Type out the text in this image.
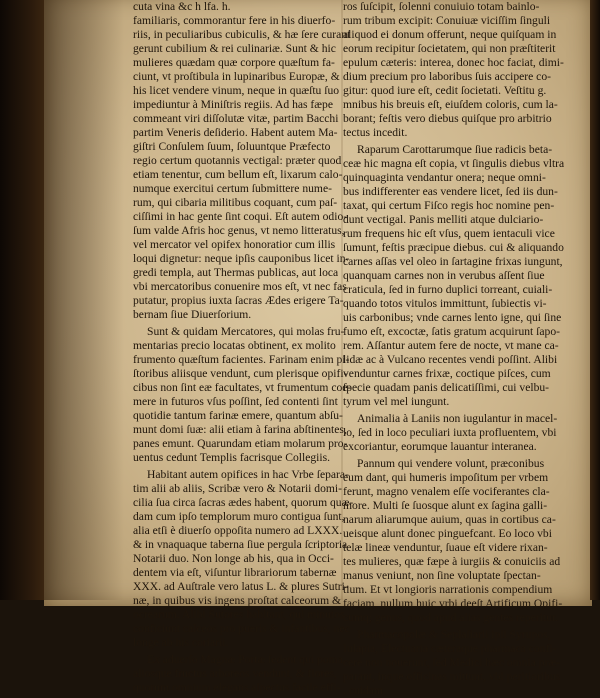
cuta vina &c h lfa. h.
familiaris, commorantur fere in his diuerfo-
riis, in peculiaribus cubiculis, & hæ ſere curant
gerunt cubilium & rei culinariæ. Sunt & hic
mulieres quædam quæ corpore quæſtum fa-
ciunt, vt proſtibula in lupinaribus Europæ, &
his licet vendere vinum, neque in quæſtu ſuo
impediuntur à Miniſtris regiis. Ad has fæpe
commeant viri diſſolutæ vitæ, partim Bacchi
partim Veneris deſiderio. Habent autem Ma-
giſtri Conſulem ſuum, ſoluuntque Præfecto
regio certum quotannis vectigal: præter quod
etiam tenentur, cum bellum eſt, lixarum calo-
numque exercitui certum ſubmittere nume-
rum, qui cibaria militibus coquant, cum paſ-
ciſſimi in hac gente ſint coqui. Eſt autem odio-
ſum valde Afris hoc genus, vt nemo litteratus,
vel mercator vel opifex honoratior cum illis
loqui dignetur: neque ipſis cauponibus licet in-
gredi templa, aut Thermas publicas, aut loca
vbi mercatoribus conuenire mos eſt, vt nec fas
putatur, propius iuxta ſacras Ædes erigere Ta-
bernam ſiue Diuerſorium.
Sunt & quidam Mercatores, qui molas fru-
mentarias precio locatas obtinent, ex molito
frumento quæſtum facientes. Farinam enim pi-
ſtoribus aliisque vendunt, cum plerisque opifi-
cibus non ſint eæ facultates, vt frumentum coe-
mere in futuros vſus poſſint, ſed contenti ſint
quotidie tantum farinæ emere, quantum abſu-
munt domi ſuæ: alii etiam à farina abſtinentes,
panes emunt. Quarundam etiam molarum pro-
uentus cedunt Templis facrisque Collegiis.
Habitant autem opifices in hac Vrbe ſepara-
tim alii ab aliis, Scribæ vero & Notarii domi-
cilia ſua circa ſacras ædes habent, quorum quæ-
dam cum ipſo templorum muro contigua ſunt,
alia etſi è diuerſo oppoſita numero ad LXXX.
& in vnaquaque taberna ſiue pergula ſcriptoria
Notarii duo. Non longe ab his, qua in Occi-
dentem via eſt, viſuntur librariorum tabernæ
XXX. ad Auſtrale vero latus L. & plures Sutri-
næ, in quibus vis ingens proſtat calceorum &
ocrearum. Alibi Sutores habitant, qui minutos
conficiunt calceos pro pueris & infantibus, nec
longe ab his coriarii.
Ex aduerſo Magnæ Portæ ſedent qui poma
aliosque fructus arboreos vendunt, & flores,
quorum omnium elegans aſpectus facile effi-
ros ſuſcipit, ſolenni conuiuio totam bainlo-
rum tribum excipit: Conuiuæ viciſſim ſinguli
aliquod ei donum offerunt, neque quiſquam in
eorum recipitur ſocietatem, qui non præſtiterit
epulum cæteris: interea, donec hoc faciat, dimi-
dium precium pro laboribus ſuis accipere co-
gitur: quod iure eſt, cedit ſocietati. Veſtitu g.
mnibus his breuis eſt, eiuſdem coloris, cum la-
borant; feſtis vero diebus quiſque pro arbitrio
tectus incedit.
Raparum Carottarumque ſiue radicis beta-
ceæ hic magna eſt copia, vt ſingulis diebus vltra
quinquaginta vendantur onera; neque omni-
bus indifferenter eas vendere licet, ſed iis dun-
taxat, qui certum Fiſco regis hoc nomine pen-
dunt vectigal. Panis melliti atque dulciario-
rum frequens hic eſt vſus, quem ientaculi vice
ſumunt, feſtis præcipue diebus. cui & aliquando
carnes aſſas vel oleo in ſartagine frixas iungunt,
quanquam carnes non in verubus aſſent ſiue
craticula, ſed in furno duplici torreant, cuiali-
quando totos vitulos immittunt, ſubiectis vi-
uis carbonibus; vnde carnes lento igne, qui ſine
fumo eſt, excoctæ, ſatis gratum acquirunt ſapo-
rem. Aſſantur autem fere de nocte, vt mane ca-
lidæ ac à Vulcano recentes vendi poſſint. Alibi
venduntur carnes frixæ, coctique piſces, cum
ſpecie quadam panis delicatiſſimi, cui velbu-
tyrum vel mel iungunt.
Animalia à Laniis non iugulantur in macel-
lo, ſed in loco peculiari iuxta profluentem, vbi
excoriantur, eorumque lauantur interanea.
Pannum qui vendere volunt, præconibus
eum dant, qui humeris impoſitum per vrbem
ferunt, magno venalem eſſe vociferantes cla-
more. Multi ſe ſuosque alunt ex ſagina galli-
narum aliarumque auium, quas in cortibus ca-
ueisque alunt donec pinguefcant. Eo loco vbi
telæ lineæ venduntur, ſuaue eſt videre rixan-
tes mulieres, quæ fæpe à iurgiis & conuiciis ad
manus veniunt, non ſine voluptate ſpectan-
tium. Et vt longioris narrationis compendium
faciam, nullum huic vrbi deeſt Artificum Opifi-
cumq; genus, quod apud alias gentes reperitur.
Pharmacopolæ & Seplaſiarii ipſi Syrupos,
Iulapia, Electuaria cæteraque pharmaca confi-
cere non nouerunt, ſed Medici hæc omnia præ-
parant, inque officinas mittunt, vbi peritioribus
..cuidam
